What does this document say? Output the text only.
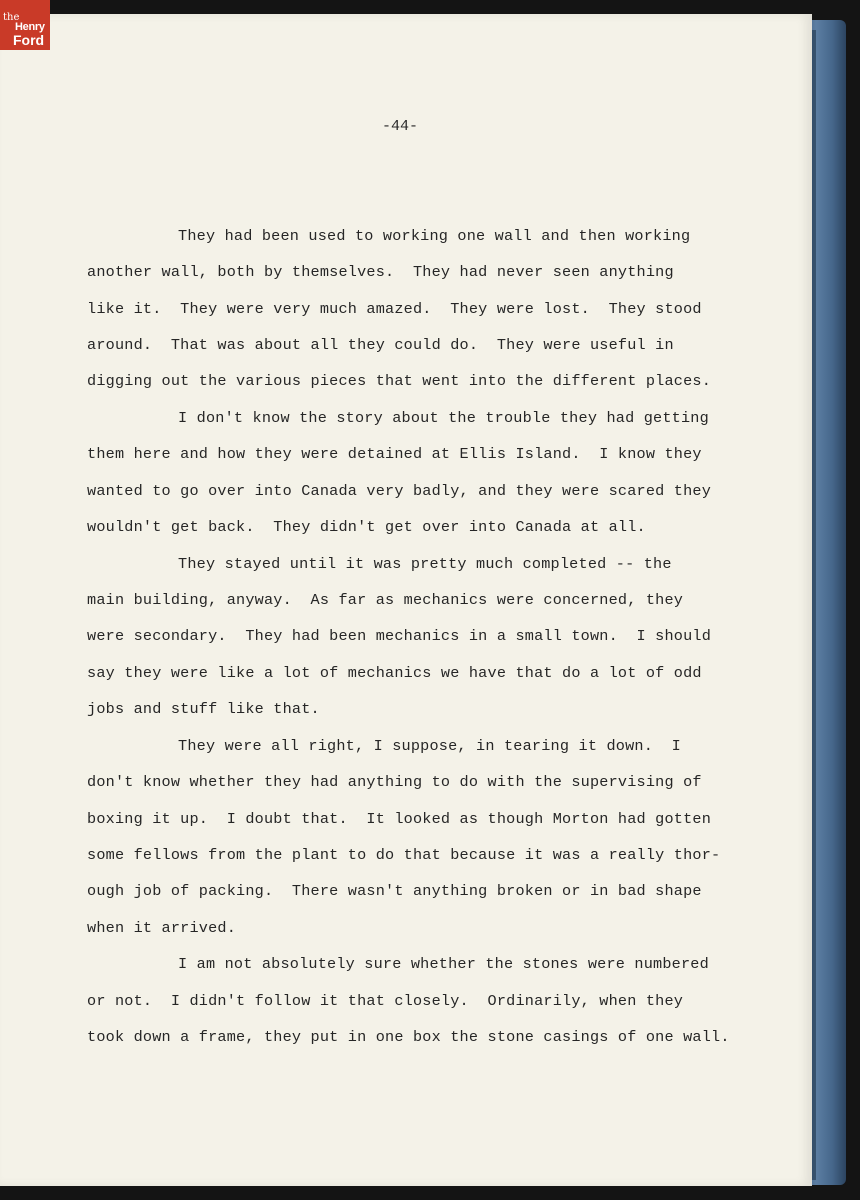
-44-

They had been used to working one wall and then working

another wall, both by themselves.  They had never seen anything

like it.  They were very much amazed.  They were lost.  They stood

around.  That was about all they could do.  They were useful in

digging out the various pieces that went into the different places.

I don't know the story about the trouble they had getting

them here and how they were detained at Ellis Island.  I know they

wanted to go over into Canada very badly, and they were scared they

wouldn't get back.  They didn't get over into Canada at all.

They stayed until it was pretty much completed -- the

main building, anyway.  As far as mechanics were concerned, they

were secondary.  They had been mechanics in a small town.  I should

say they were like a lot of mechanics we have that do a lot of odd

jobs and stuff like that.

They were all right, I suppose, in tearing it down.  I

don't know whether they had anything to do with the supervising of

boxing it up.  I doubt that.  It looked as though Morton had gotten

some fellows from the plant to do that because it was a really thor-

ough job of packing.  There wasn't anything broken or in bad shape

when it arrived.

I am not absolutely sure whether the stones were numbered

or not.  I didn't follow it that closely.  Ordinarily, when they

took down a frame, they put in one box the stone casings of one wall.

the
Henry
Ford
